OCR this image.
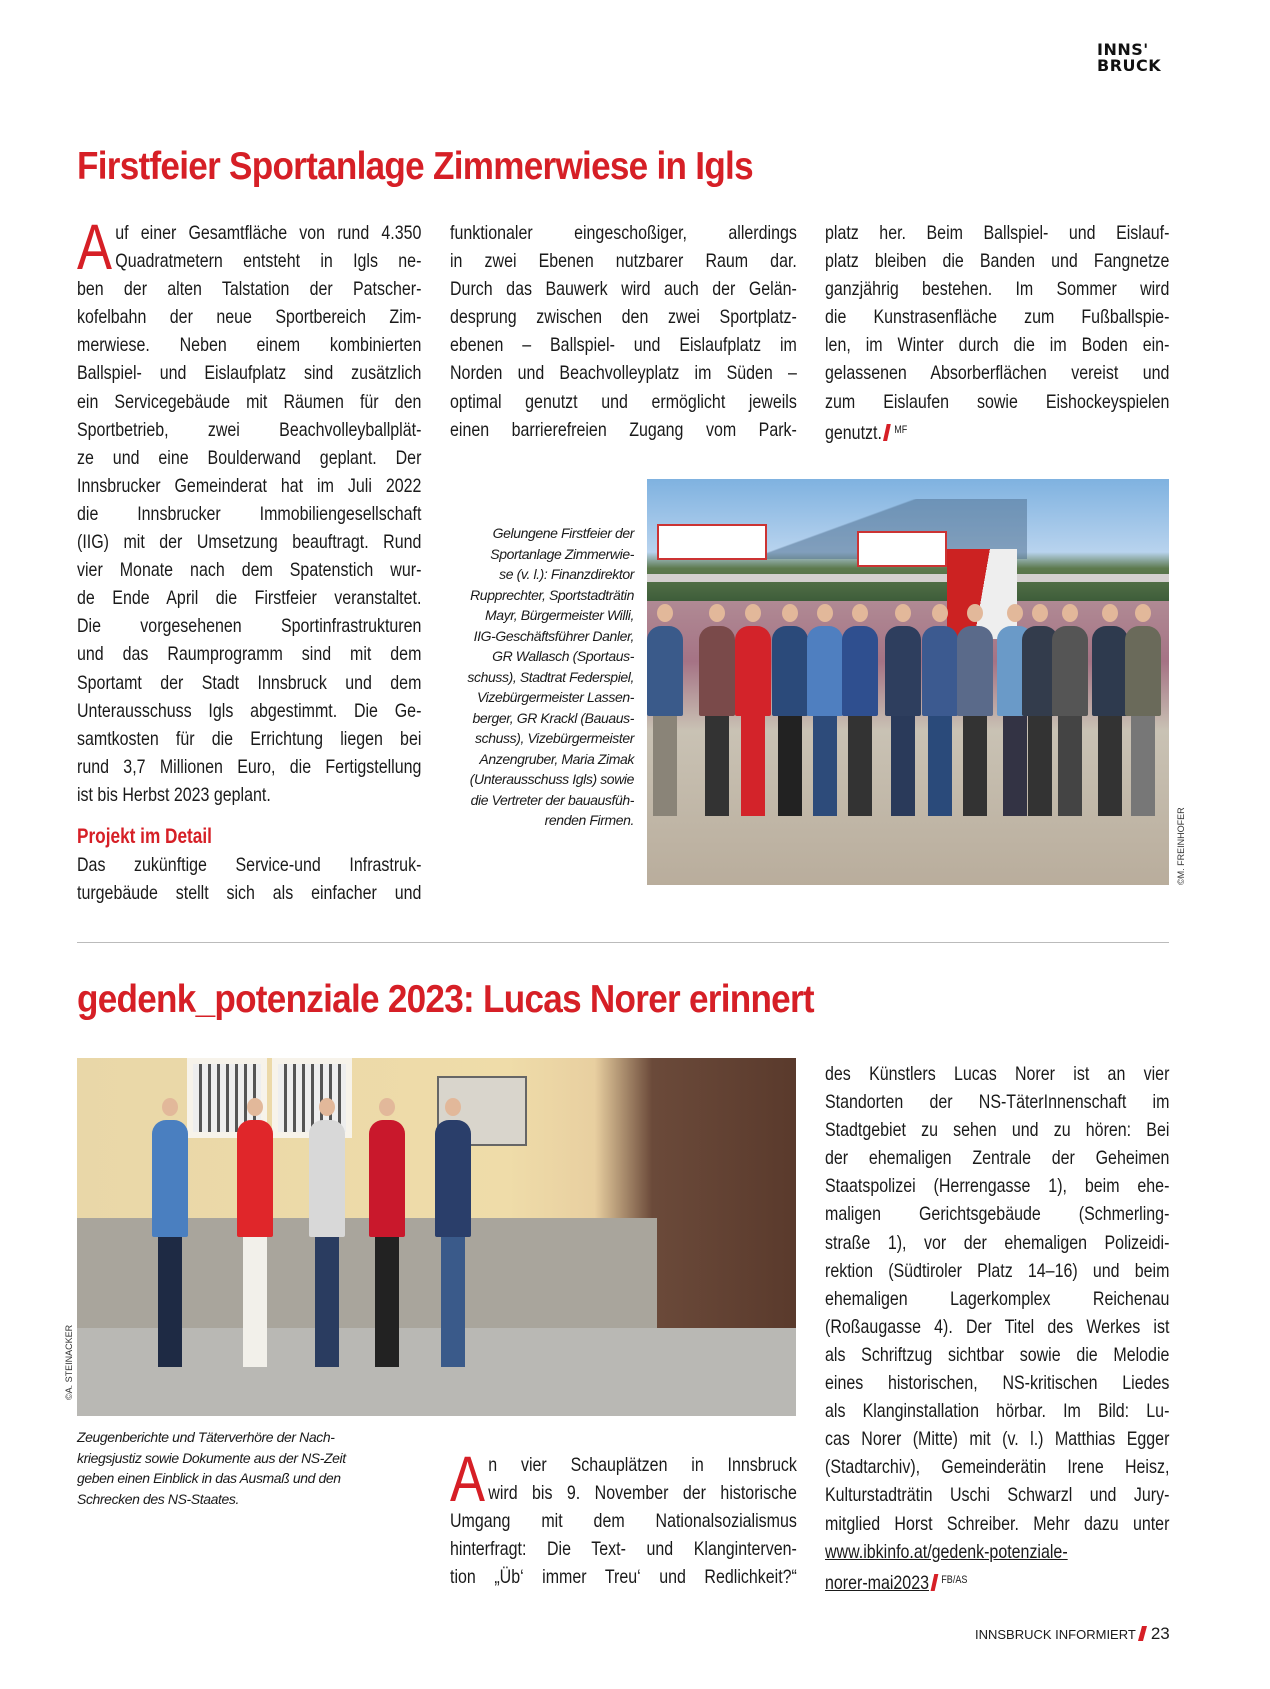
INNS'
BRUCK
Firstfeier Sportanlage Zimmerwiese in Igls
A uf einer Gesamtfläche von rund 4.350
Quadratmetern entsteht in Igls ne-
ben der alten Talstation der Patscher-
kofelbahn der neue Sportbereich Zim-
merwiese. Neben einem kombinierten
Ballspiel- und Eislaufplatz sind zusätzlich
ein Servicegebäude mit Räumen für den
Sportbetrieb, zwei Beachvolleyballplät-
ze und eine Boulderwand geplant. Der
Innsbrucker Gemeinderat hat im Juli 2022
die Innsbrucker Immobiliengesellschaft
(IIG) mit der Umsetzung beauftragt. Rund
vier Monate nach dem Spatenstich wur-
de Ende April die Firstfeier veranstaltet.
Die vorgesehenen Sportinfrastrukturen
und das Raumprogramm sind mit dem
Sportamt der Stadt Innsbruck und dem
Unterausschuss Igls abgestimmt. Die Ge-
samtkosten für die Errichtung liegen bei
rund 3,7 Millionen Euro, die Fertigstellung
ist bis Herbst 2023 geplant.
Projekt im Detail
Das zukünftige Service-und Infrastruk-
turgebäude stellt sich als einfacher und
funktionaler eingeschoßiger, allerdings
in zwei Ebenen nutzbarer Raum dar.
Durch das Bauwerk wird auch der Gelän-
desprung zwischen den zwei Sportplatz-
ebenen – Ballspiel- und Eislaufplatz im
Norden und Beachvolleyplatz im Süden –
optimal genutzt und ermöglicht jeweils
einen barrierefreien Zugang vom Park-
platz her. Beim Ballspiel- und Eislauf-
platz bleiben die Banden und Fangnetze
ganzjährig bestehen. Im Sommer wird
die Kunstrasenfläche zum Fußballspie-
len, im Winter durch die im Boden ein-
gelassenen Absorberflächen vereist und
zum Eislaufen sowie Eishockeyspielen
genutzt. $^{MF}$
Gelungene Firstfeier der
Sportanlage Zimmerwie-
se (v. l.): Finanzdirektor
Rupprechter, Sportstadträtin
Mayr, Bürgermeister Willi,
IIG-Geschäftsführer Danler,
GR Wallasch (Sportaus-
schuss), Stadtrat Federspiel,
Vizebürgermeister Lassen-
berger, GR Krackl (Bauaus-
schuss), Vizebürgermeister
Anzengruber, Maria Zimak
(Unterausschuss Igls) sowie
die Vertreter der bauausfüh-
renden Firmen.	©M. FREINHOFER
gedenk_potenziale 2023: Lucas Norer erinnert
©A. STEINACKER
Zeugenberichte und Täterverhöre der Nach-
kriegsjustiz sowie Dokumente aus der NS-Zeit
geben einen Einblick in das Ausmaß und den
Schrecken des NS-Staates.	A n vier Schauplätzen in Innsbruck
wird bis 9. November der historische
Umgang mit dem Nationalsozialismus
hinterfragt: Die Text- und Klanginterven-
tion „Üb‘ immer Treu‘ und Redlichkeit?“
des Künstlers Lucas Norer ist an vier
Standorten der NS-TäterInnenschaft im
Stadtgebiet zu sehen und zu hören: Bei
der ehemaligen Zentrale der Geheimen
Staatspolizei (Herrengasse 1), beim ehe-
maligen Gerichtsgebäude (Schmerling-
straße 1), vor der ehemaligen Polizeidi-
rektion (Südtiroler Platz 14–16) und beim
ehemaligen Lagerkomplex Reichenau
(Roßaugasse 4). Der Titel des Werkes ist
als Schriftzug sichtbar sowie die Melodie
eines historischen, NS-kritischen Liedes
als Klanginstallation hörbar. Im Bild: Lu-
cas Norer (Mitte) mit (v. l.) Matthias Egger
(Stadtarchiv), Gemeinderätin Irene Heisz,
Kulturstadträtin Uschi Schwarzl und Jury-
mitglied Horst Schreiber. Mehr dazu unter
www.ibkinfo.at/gedenk-potenziale-
norer-mai2023 $^{FB/AS}$
INNSBRUCK INFORMIERT 23
